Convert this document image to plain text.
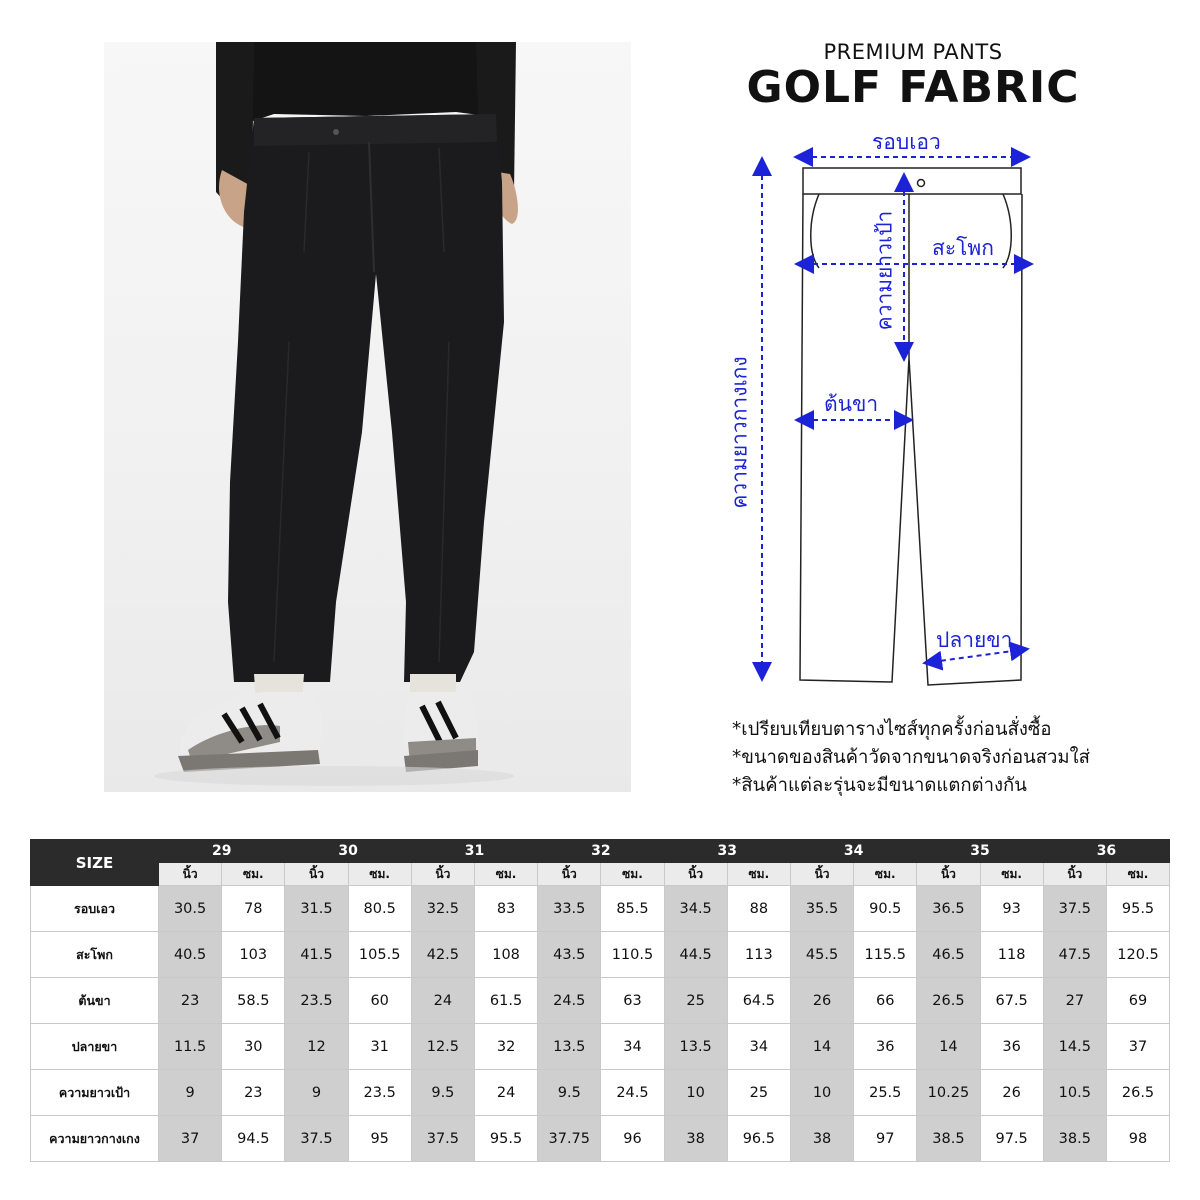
PREMIUM PANTS
GOLF FABRIC
รอบเอว
สะโพก
ต้นขา
ปลายขา
ความยาวเป้า
ความยาวกางเกง
*เปรียบเทียบตารางไซส์ทุกครั้งก่อนสั่งซื้อ
*ขนาดของสินค้าวัดจากขนาดจริงก่อนสวมใส่
*สินค้าแต่ละรุ่นจะมีขนาดแตกต่างกัน
SIZE	29		30		31		32		33		34		35		36	
	นิ้ว	ซม.	นิ้ว	ซม.	นิ้ว	ซม.	นิ้ว	ซม.	นิ้ว	ซม.	นิ้ว	ซม.	นิ้ว	ซม.	นิ้ว	ซม.
รอบเอว	30.5	78	31.5	80.5	32.5	83	33.5	85.5	34.5	88	35.5	90.5	36.5	93	37.5	95.5
สะโพก	40.5	103	41.5	105.5	42.5	108	43.5	110.5	44.5	113	45.5	115.5	46.5	118	47.5	120.5
ต้นขา	23	58.5	23.5	60	24	61.5	24.5	63	25	64.5	26	66	26.5	67.5	27	69
ปลายขา	11.5	30	12	31	12.5	32	13.5	34	13.5	34	14	36	14	36	14.5	37
ความยาวเป้า	9	23	9	23.5	9.5	24	9.5	24.5	10	25	10	25.5	10.25	26	10.5	26.5
ความยาวกางเกง	37	94.5	37.5	95	37.5	95.5	37.75	96	38	96.5	38	97	38.5	97.5	38.5	98
